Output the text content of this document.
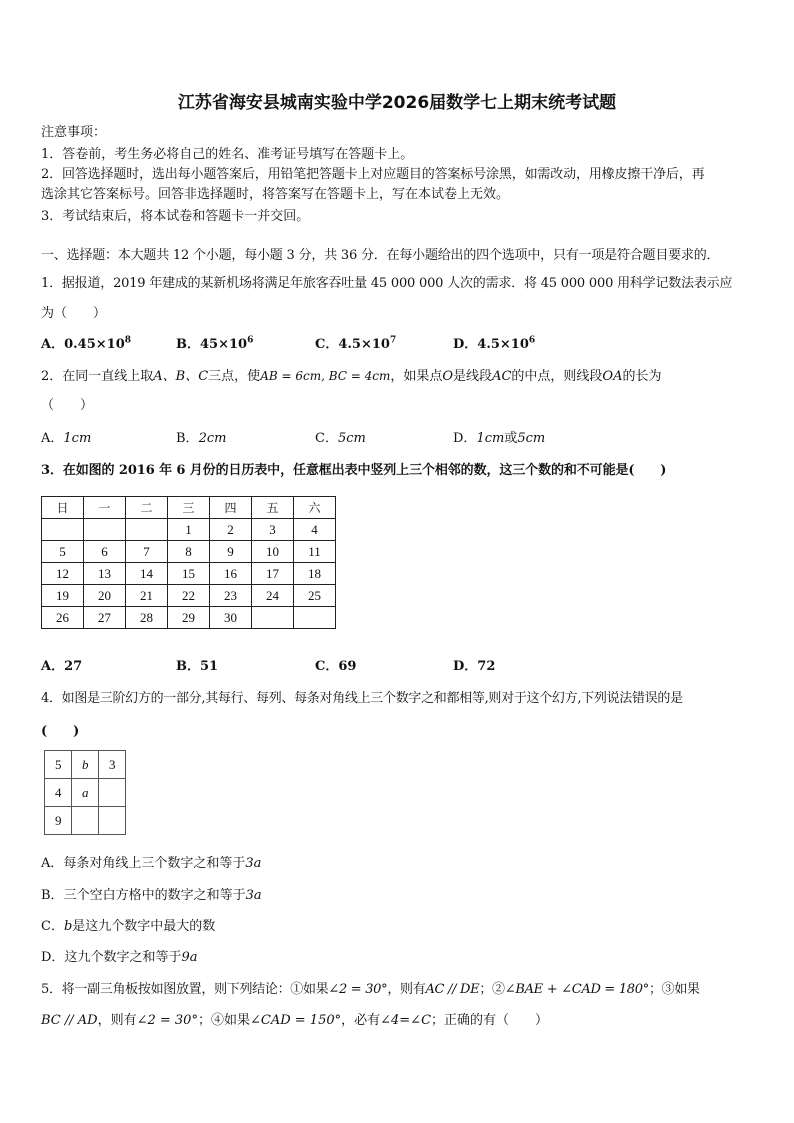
江苏省海安县城南实验中学2026届数学七上期末统考试题
注意事项：
1．答卷前，考生务必将自己的姓名、准考证号填写在答题卡上。
2．回答选择题时，选出每小题答案后，用铅笔把答题卡上对应题目的答案标号涂黑，如需改动，用橡皮擦干净后，再
选涂其它答案标号。回答非选择题时，将答案写在答题卡上，写在本试卷上无效。
3．考试结束后，将本试卷和答题卡一并交回。
一、选择题：本大题共 12 个小题，每小题 3 分，共 36 分．在每小题给出的四个选项中，只有一项是符合题目要求的．
1．据报道，2019 年建成的某新机场将满足年旅客吞吐量 45 000 000 人次的需求．将 45 000 000 用科学记数法表示应
为（　　）
A．$0.45\times 10^8$	B．$45\times 10^6$	C．$4.5\times 10^7$	D．$4.5\times 10^6$
2．在同一直线上取A、B、C三点，使AB = 6cm, BC = 4cm，如果点O是线段AC的中点，则线段OA的长为
（　　）
A．1cm	B．2cm	C．5cm	D．1cm或5cm
3．在如图的 2016 年 6 月份的日历表中，任意框出表中竖列上三个相邻的数，这三个数的和不可能是(　　)
日	一	二	三	四	五	六
			1	2	3	4
5	6	7	8	9	10	11
12	13	14	15	16	17	18
19	20	21	22	23	24	25
26	27	28	29	30		
A．27	B．51	C．69	D．72
4．如图是三阶幻方的一部分,其每行、每列、每条对角线上三个数字之和都相等,则对于这个幻方,下列说法错误的是
(　　)
5	b	3
4	a	
9		
A．每条对角线上三个数字之和等于3a
B．三个空白方格中的数字之和等于3a
C．b是这九个数字中最大的数
D．这九个数字之和等于9a
5．将一副三角板按如图放置，则下列结论：①如果∠2 = 30°，则有AC // DE；②∠BAE + ∠CAD = 180°；③如果
BC // AD，则有∠2 = 30°；④如果∠CAD = 150°，必有∠4=∠C；正确的有（　　）
